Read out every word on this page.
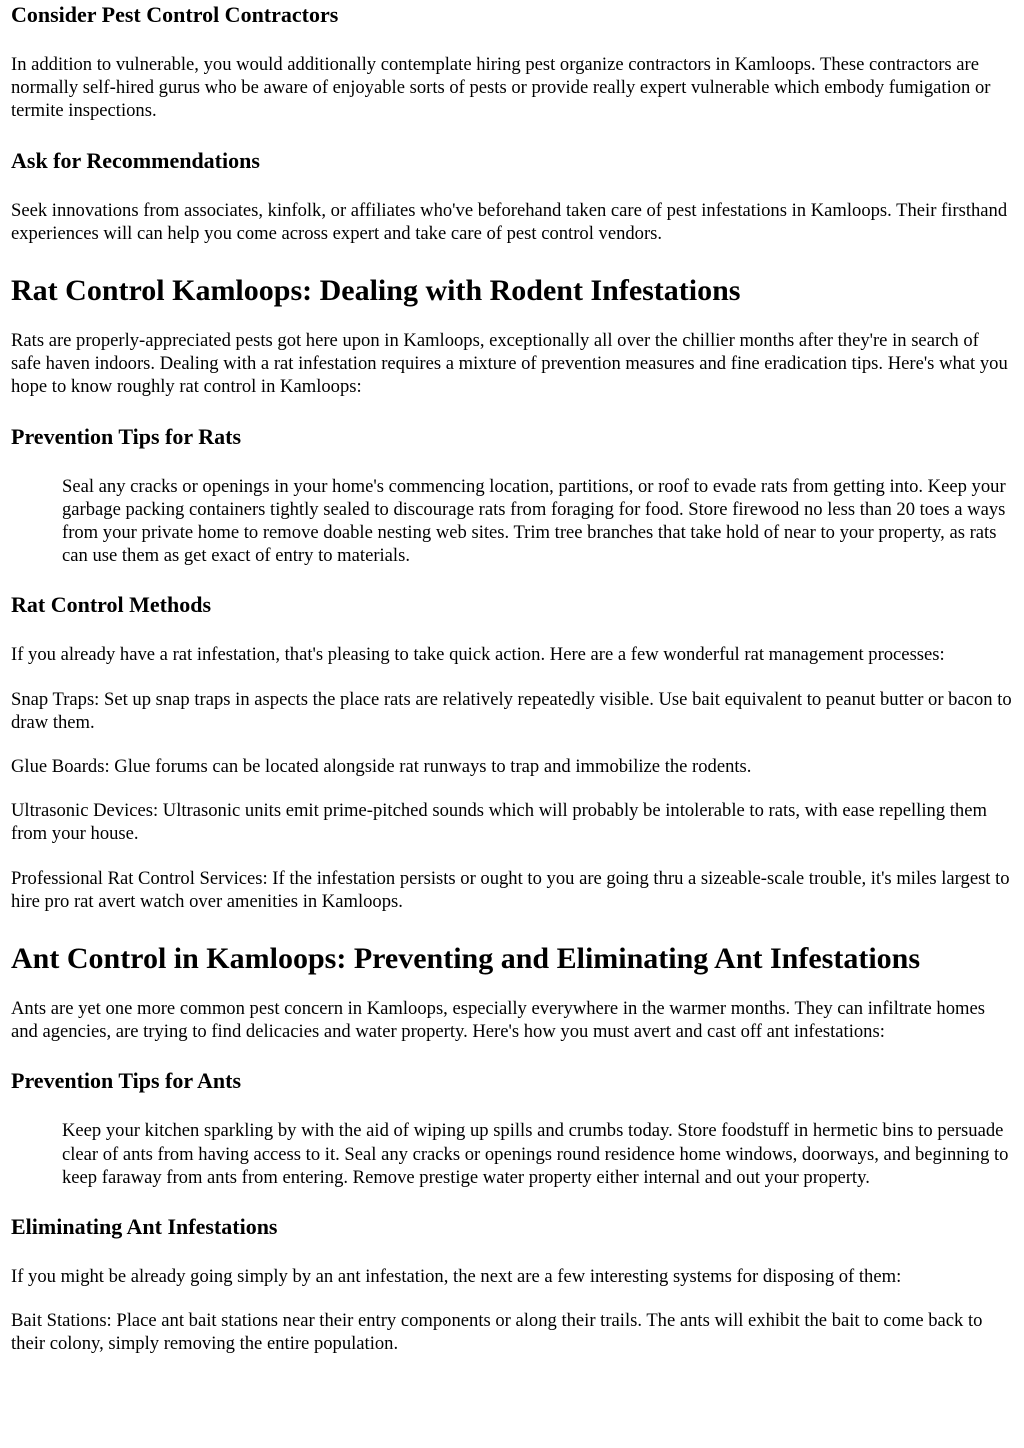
Consider Pest Control Contractors

In addition to vulnerable, you would additionally contemplate hiring pest organize contractors in Kamloops. These contractors are normally self-hired gurus who be aware of enjoyable sorts of pests or provide really expert vulnerable which embody fumigation or termite inspections.

Ask for Recommendations

Seek innovations from associates, kinfolk, or affiliates who've beforehand taken care of pest infestations in Kamloops. Their firsthand experiences will can help you come across expert and take care of pest control vendors.

Rat Control Kamloops: Dealing with Rodent Infestations

Rats are properly-appreciated pests got here upon in Kamloops, exceptionally all over the chillier months after they're in search of safe haven indoors. Dealing with a rat infestation requires a mixture of prevention measures and fine eradication tips. Here's what you hope to know roughly rat control in Kamloops:

Prevention Tips for Rats
Seal any cracks or openings in your home's commencing location, partitions, or roof to evade rats from getting into. Keep your garbage packing containers tightly sealed to discourage rats from foraging for food. Store firewood no less than 20 toes a ways from your private home to remove doable nesting web sites. Trim tree branches that take hold of near to your property, as rats can use them as get exact of entry to materials.
Rat Control Methods

If you already have a rat infestation, that's pleasing to take quick action. Here are a few wonderful rat management processes:

Snap Traps: Set up snap traps in aspects the place rats are relatively repeatedly visible. Use bait equivalent to peanut butter or bacon to draw them.

Glue Boards: Glue forums can be located alongside rat runways to trap and immobilize the rodents.

Ultrasonic Devices: Ultrasonic units emit prime-pitched sounds which will probably be intolerable to rats, with ease repelling them from your house.

Professional Rat Control Services: If the infestation persists or ought to you are going thru a sizeable-scale trouble, it's miles largest to hire pro rat avert watch over amenities in Kamloops.

Ant Control in Kamloops: Preventing and Eliminating Ant Infestations

Ants are yet one more common pest concern in Kamloops, especially everywhere in the warmer months. They can infiltrate homes and agencies, are trying to find delicacies and water property. Here's how you must avert and cast off ant infestations:

Prevention Tips for Ants
Keep your kitchen sparkling by with the aid of wiping up spills and crumbs today. Store foodstuff in hermetic bins to persuade clear of ants from having access to it. Seal any cracks or openings round residence home windows, doorways, and beginning to keep faraway from ants from entering. Remove prestige water property either internal and out your property.
Eliminating Ant Infestations

If you might be already going simply by an ant infestation, the next are a few interesting systems for disposing of them:

Bait Stations: Place ant bait stations near their entry components or along their trails. The ants will exhibit the bait to come back to their colony, simply removing the entire population.
